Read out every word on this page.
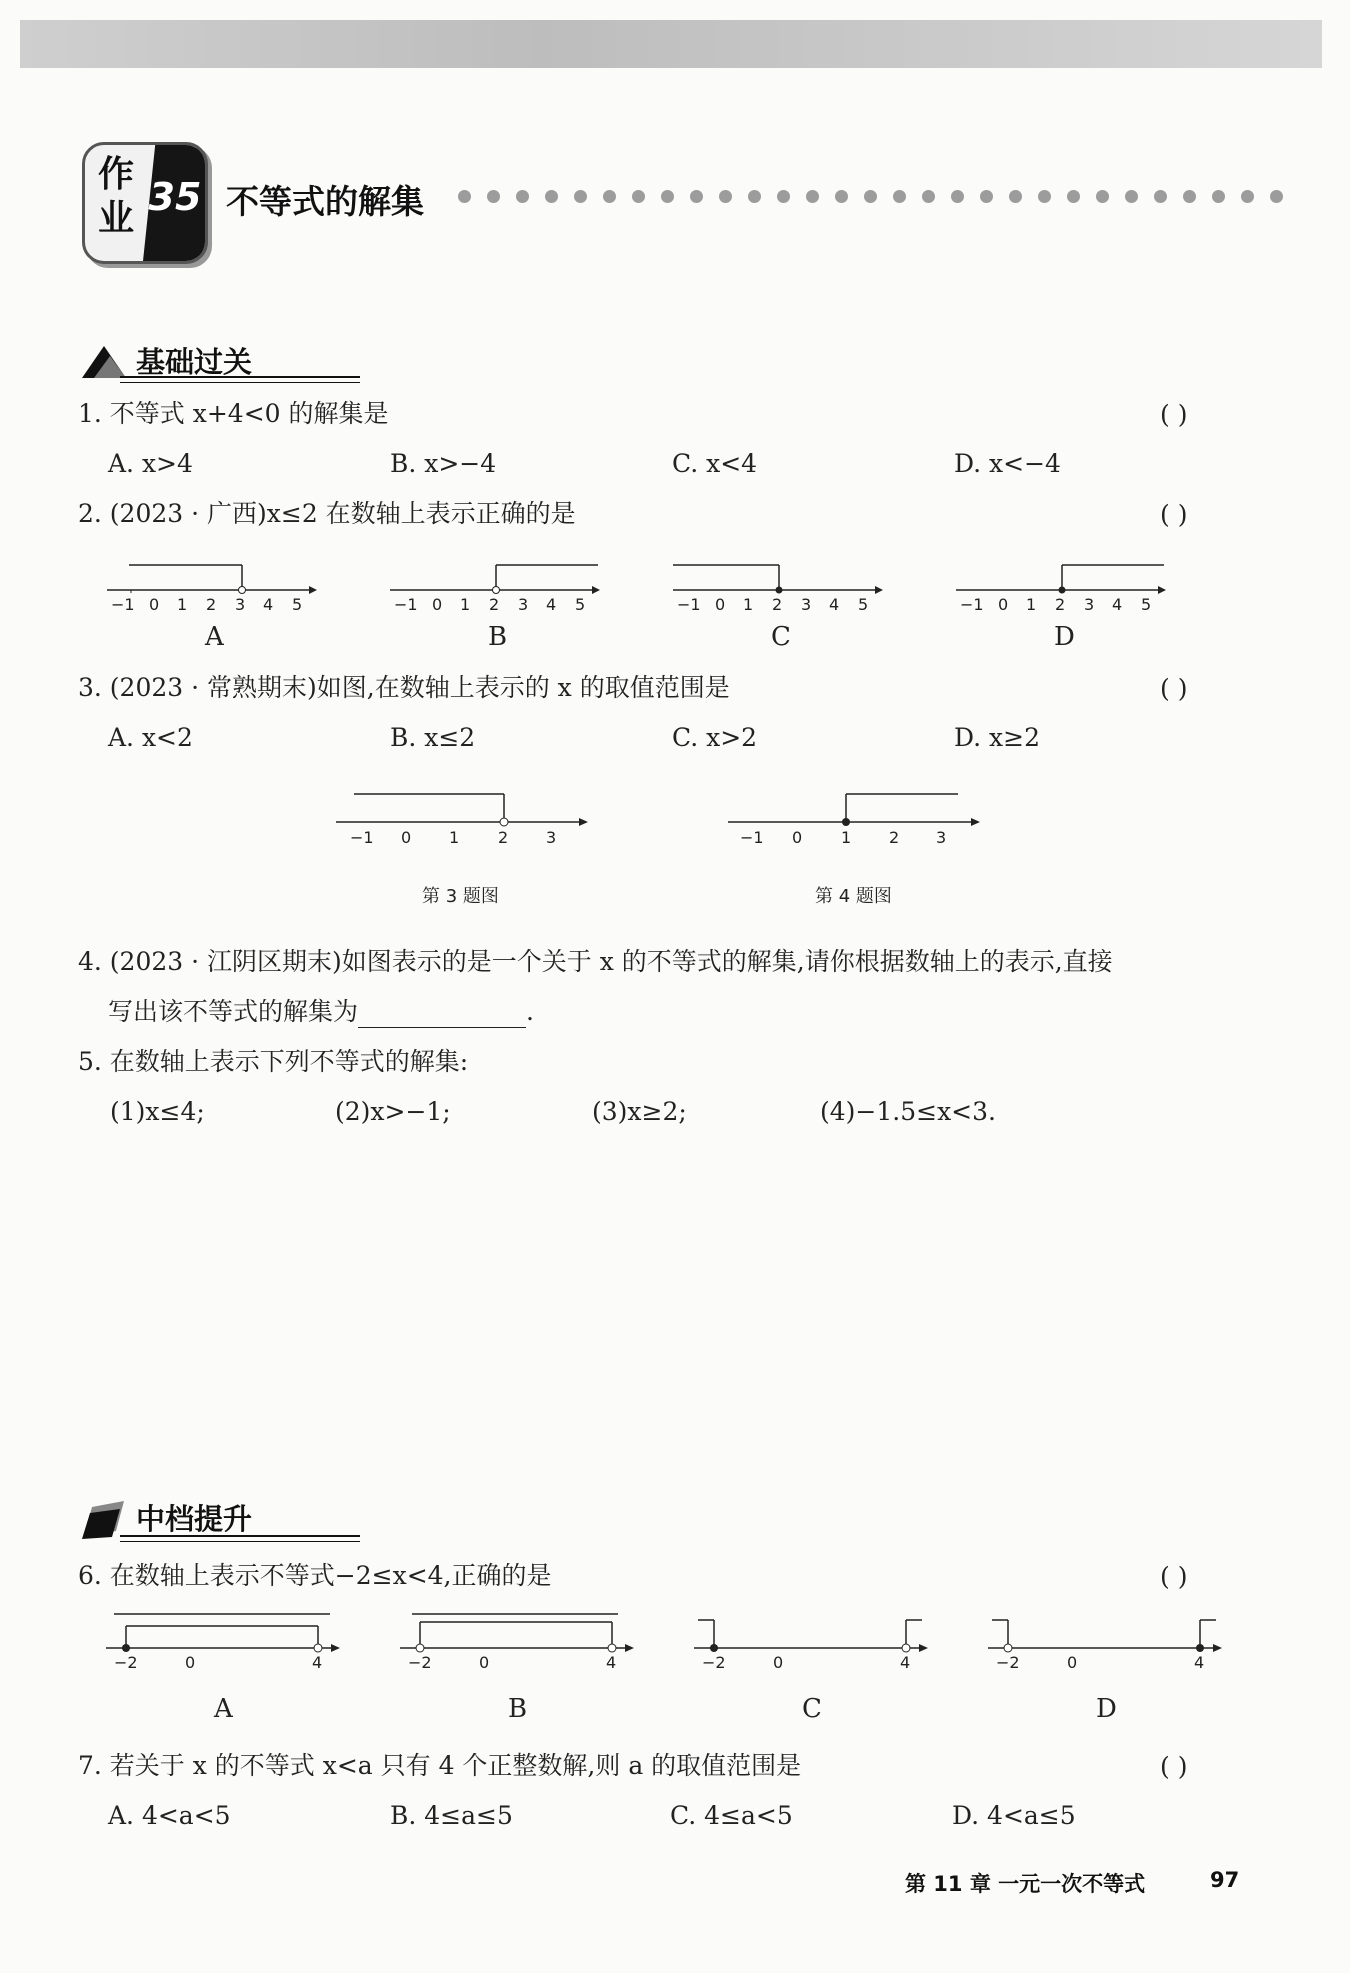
作
业 35 不等式的解集
基础过关
1. 不等式 x+4<0 的解集是	( )
A. x>4	B. x>−4	C. x<4	D. x<−4
2. (2023 · 广西)x≤2 在数轴上表示正确的是	( )
−1 0 1 2 3 4 5	−1 0 1 2 3 4 5	−1 0 1 2 3 4 5	−1 0 1 2 3 4 5
A	B	C	D
3. (2023 · 常熟期末)如图,在数轴上表示的 x 的取值范围是	( )
A. x<2	B. x≤2	C. x>2	D. x≥2
−1 0 1 2 3	−1 0 1 2 3
第 3 题图	第 4 题图
4. (2023 · 江阴区期末)如图表示的是一个关于 x 的不等式的解集,请你根据数轴上的表示,直接
写出该不等式的解集为	.
5. 在数轴上表示下列不等式的解集:
(1)x≤4;	(2)x>−1;	(3)x≥2;	(4)−1.5≤x<3.
中档提升
6. 在数轴上表示不等式−2≤x<4,正确的是	( )
−2	0	4	−2	0	4	−2	0	4	−2	0	4
A	B	C	D
7. 若关于 x 的不等式 x<a 只有 4 个正整数解,则 a 的取值范围是	( )
A. 4<a<5	B. 4≤a≤5	C. 4≤a<5	D. 4<a≤5
第 11 章 一元一次不等式	97
